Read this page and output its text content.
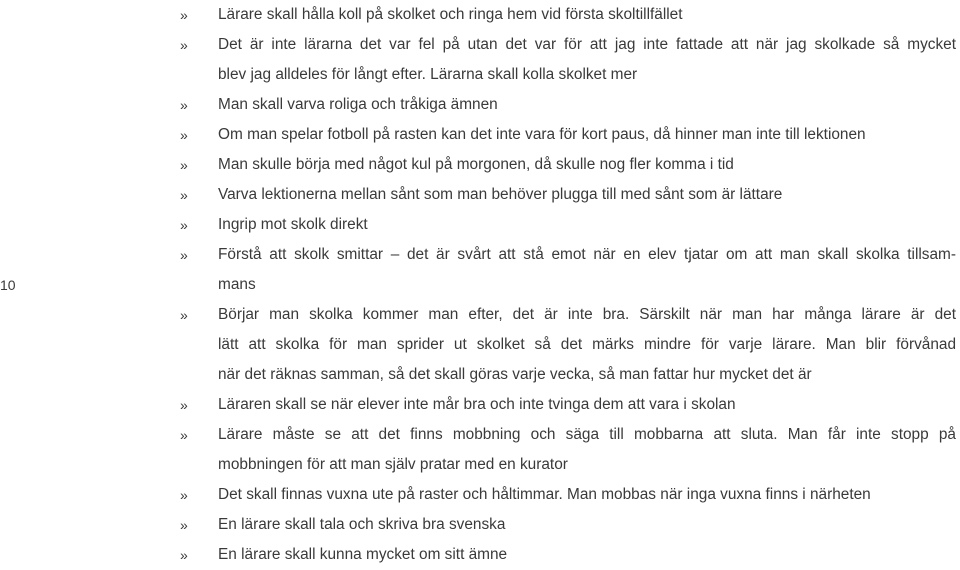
10
» Lärare skall hålla koll på skolket och ringa hem vid första skoltillfället
» Det är inte lärarna det var fel på utan det var för att jag inte fattade att när jag skolkade så mycket
blev jag alldeles för långt efter. Lärarna skall kolla skolket mer
» Man skall varva roliga och tråkiga ämnen
» Om man spelar fotboll på rasten kan det inte vara för kort paus, då hinner man inte till lektionen
» Man skulle börja med något kul på morgonen, då skulle nog fler komma i tid
» Varva lektionerna mellan sånt som man behöver plugga till med sånt som är lättare
» Ingrip mot skolk direkt
» Förstå att skolk smittar – det är svårt att stå emot när en elev tjatar om att man skall skolka tillsam-
mans
» Börjar man skolka kommer man efter, det är inte bra. Särskilt när man har många lärare är det
lätt att skolka för man sprider ut skolket så det märks mindre för varje lärare. Man blir förvånad
när det räknas samman, så det skall göras varje vecka, så man fattar hur mycket det är
» Läraren skall se när elever inte mår bra och inte tvinga dem att vara i skolan
» Lärare måste se att det finns mobbning och säga till mobbarna att sluta. Man får inte stopp på
mobbningen för att man själv pratar med en kurator
» Det skall finnas vuxna ute på raster och håltimmar. Man mobbas när inga vuxna finns i närheten
» En lärare skall tala och skriva bra svenska
» En lärare skall kunna mycket om sitt ämne
